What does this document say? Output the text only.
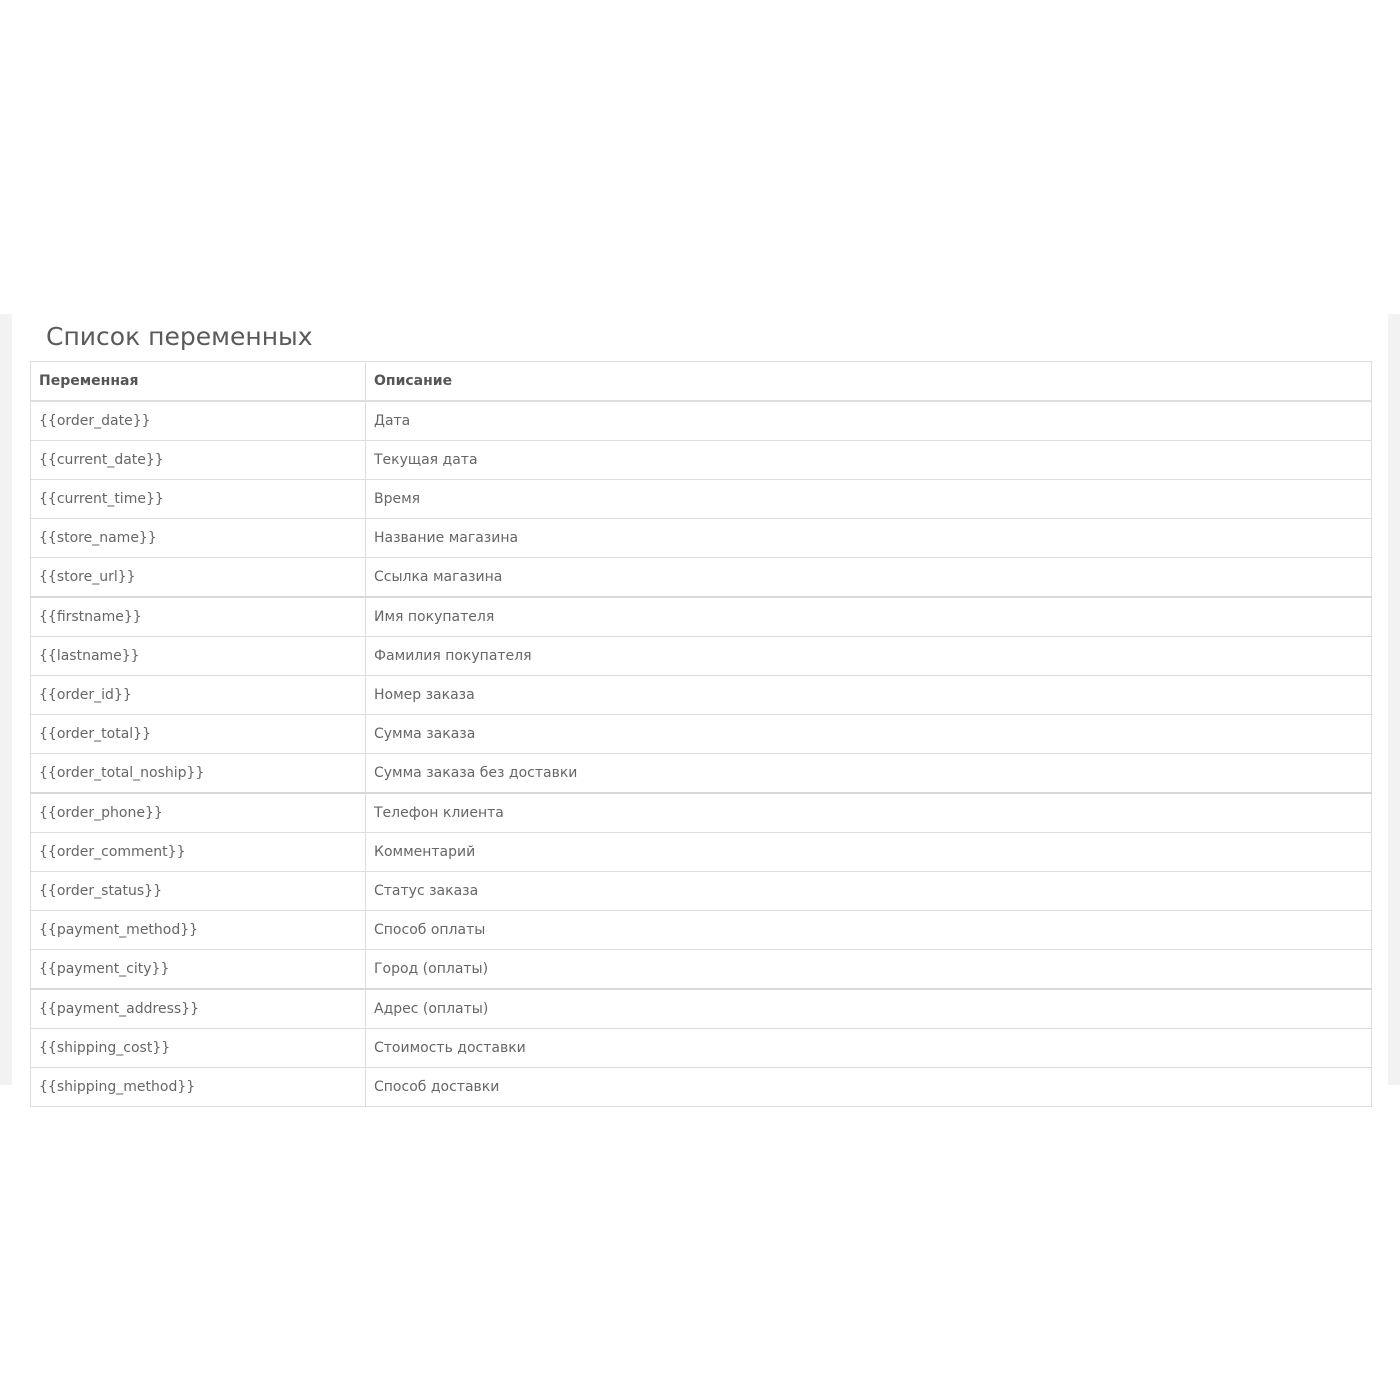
Список переменных
Переменная	Описание
{{order_date}}	Дата
{{current_date}}	Текущая дата
{{current_time}}	Время
{{store_name}}	Название магазина
{{store_url}}	Ссылка магазина
{{firstname}}	Имя покупателя
{{lastname}}	Фамилия покупателя
{{order_id}}	Номер заказа
{{order_total}}	Сумма заказа
{{order_total_noship}}	Сумма заказа без доставки
{{order_phone}}	Телефон клиента
{{order_comment}}	Комментарий
{{order_status}}	Статус заказа
{{payment_method}}	Способ оплаты
{{payment_city}}	Город (оплаты)
{{payment_address}}	Адрес (оплаты)
{{shipping_cost}}	Стоимость доставки
{{shipping_method}}	Способ доставки
